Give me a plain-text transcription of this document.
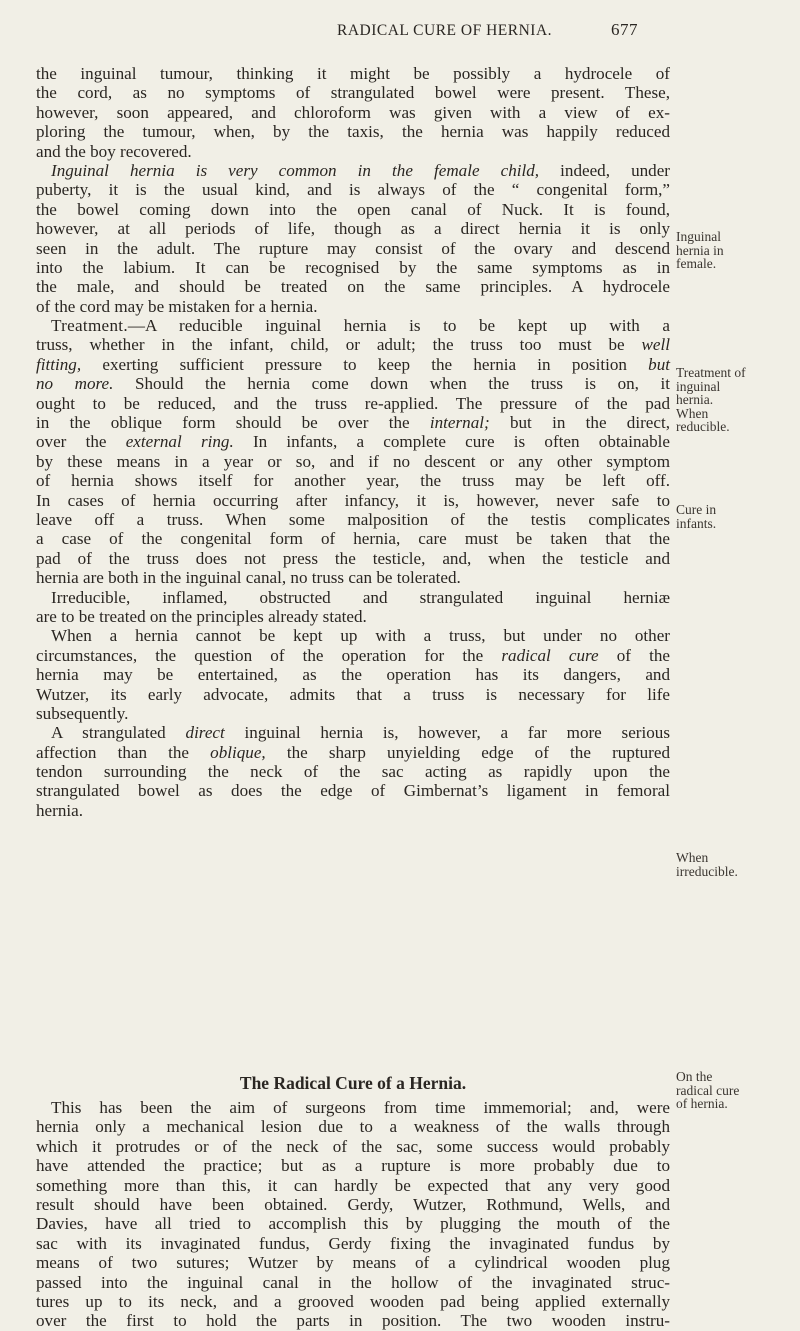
RADICAL CURE OF HERNIA.	677
the inguinal tumour, thinking it might be possibly a hydrocele of
the cord, as no symptoms of strangulated bowel were present. These,
however, soon appeared, and chloroform was given with a view of ex-
ploring the tumour, when, by the taxis, the hernia was happily reduced
and the boy recovered.
Inguinal hernia is very common in the female child, indeed, under
puberty, it is the usual kind, and is always of the “ congenital form,”
the bowel coming down into the open canal of Nuck. It is found,
however, at all periods of life, though as a direct hernia it is only
seen in the adult. The rupture may consist of the ovary and descend
into the labium. It can be recognised by the same symptoms as in
the male, and should be treated on the same principles. A hydrocele
of the cord may be mistaken for a hernia.
Treatment.—A reducible inguinal hernia is to be kept up with a
truss, whether in the infant, child, or adult; the truss too must be well
fitting, exerting sufficient pressure to keep the hernia in position but
no more. Should the hernia come down when the truss is on, it
ought to be reduced, and the truss re-applied. The pressure of the pad
in the oblique form should be over the internal; but in the direct,
over the external ring. In infants, a complete cure is often obtainable
by these means in a year or so, and if no descent or any other symptom
of hernia shows itself for another year, the truss may be left off.
In cases of hernia occurring after infancy, it is, however, never safe to
leave off a truss. When some malposition of the testis complicates
a case of the congenital form of hernia, care must be taken that the
pad of the truss does not press the testicle, and, when the testicle and
hernia are both in the inguinal canal, no truss can be tolerated.
Irreducible, inflamed, obstructed and strangulated inguinal herniæ
are to be treated on the principles already stated.
When a hernia cannot be kept up with a truss, but under no other
circumstances, the question of the operation for the radical cure of the
hernia may be entertained, as the operation has its dangers, and
Wutzer, its early advocate, admits that a truss is necessary for life
subsequently.
A strangulated direct inguinal hernia is, however, a far more serious
affection than the oblique, the sharp unyielding edge of the ruptured
tendon surrounding the neck of the sac acting as rapidly upon the
strangulated bowel as does the edge of Gimbernat’s ligament in femoral
hernia.
The Radical Cure of a Hernia.
This has been the aim of surgeons from time immemorial; and, were
hernia only a mechanical lesion due to a weakness of the walls through
which it protrudes or of the neck of the sac, some success would probably
have attended the practice; but as a rupture is more probably due to
something more than this, it can hardly be expected that any very good
result should have been obtained. Gerdy, Wutzer, Rothmund, Wells, and
Davies, have all tried to accomplish this by plugging the mouth of the
sac with its invaginated fundus, Gerdy fixing the invaginated fundus by
means of two sutures; Wutzer by means of a cylindrical wooden plug
passed into the inguinal canal in the hollow of the invaginated struc-
tures up to its neck, and a grooved wooden pad being applied externally
over the first to hold the parts in position. The two wooden instru-
Inguinal
hernia in
female.
Treatment of
inguinal
hernia.
When
reducible.
Cure in
infants.
When
irreducible.
On the
radical cure
of hernia.
